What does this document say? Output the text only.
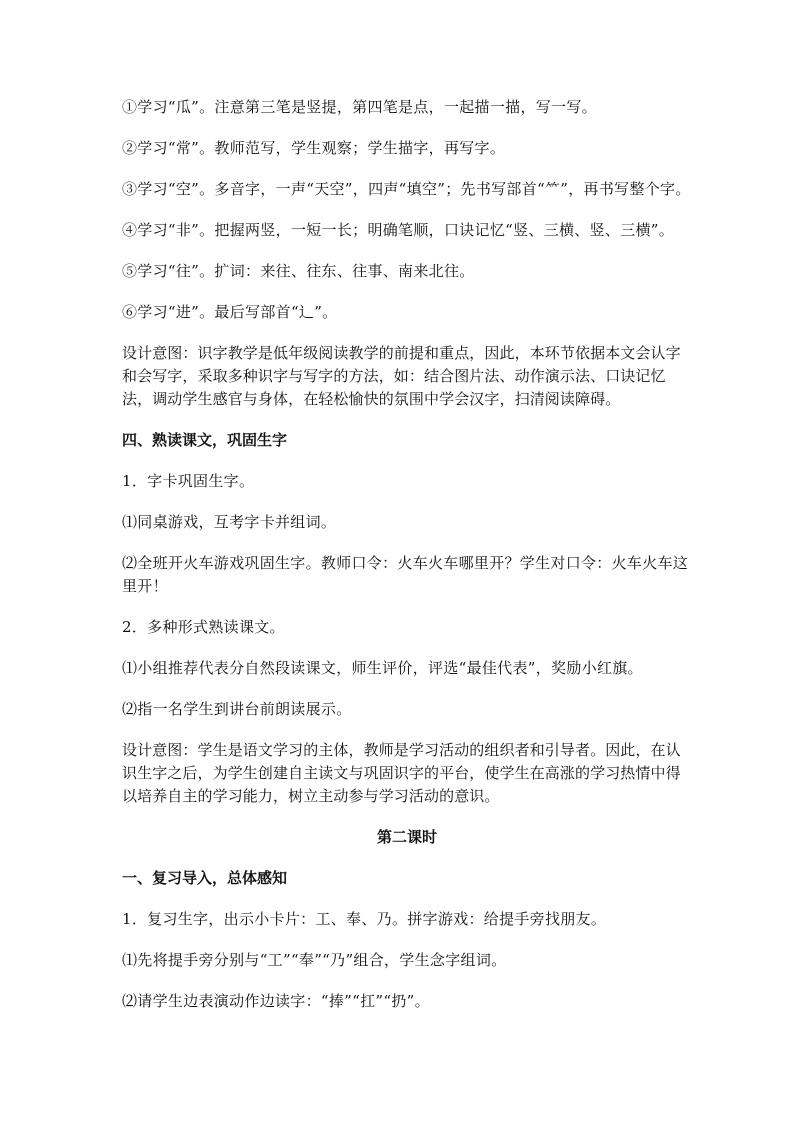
①学习“瓜”。注意第三笔是竖提，第四笔是点，一起描一描，写一写。

②学习“常”。教师范写，学生观察；学生描字，再写字。

③学习“空”。多音字，一声“天空”，四声“填空”；先书写部首“⺮”，再书写整个字。

④学习“非”。把握两竖，一短一长；明确笔顺，口诀记忆“竖、三横、竖、三横”。

⑤学习“往”。扩词：来往、往东、往事、南来北往。

⑥学习“进”。最后写部首“辶”。

设计意图：识字教学是低年级阅读教学的前提和重点，因此，本环节依据本文会认字和会写字，采取多种识字与写字的方法，如：结合图片法、动作演示法、口诀记忆法，调动学生感官与身体，在轻松愉快的氛围中学会汉字，扫清阅读障碍。

四、熟读课文，巩固生字

1．字卡巩固生字。

⑴同桌游戏，互考字卡并组词。

⑵全班开火车游戏巩固生字。教师口令：火车火车哪里开？学生对口令：火车火车这里开！

2．多种形式熟读课文。

⑴小组推荐代表分自然段读课文，师生评价，评选“最佳代表”，奖励小红旗。

⑵指一名学生到讲台前朗读展示。

设计意图：学生是语文学习的主体，教师是学习活动的组织者和引导者。因此，在认识生字之后，为学生创建自主读文与巩固识字的平台，使学生在高涨的学习热情中得以培养自主的学习能力，树立主动参与学习活动的意识。

第二课时

一、复习导入，总体感知

1．复习生字，出示小卡片：工、奉、乃。拼字游戏：给提手旁找朋友。

⑴先将提手旁分别与“工”“奉”“乃”组合，学生念字组词。

⑵请学生边表演动作边读字：“捧”“扛”“扔”。
